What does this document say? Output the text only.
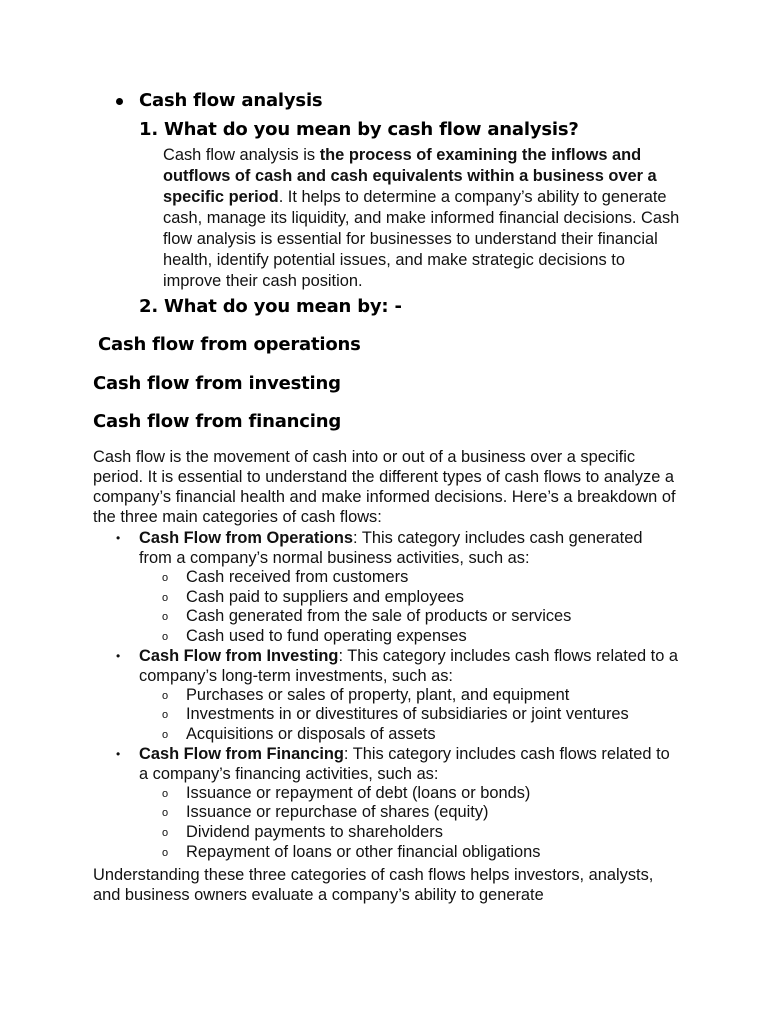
Cash flow analysis
1. What do you mean by cash flow analysis?
Cash flow analysis is the process of examining the inflows and outflows of cash and cash equivalents within a business over a specific period. It helps to determine a company’s ability to generate cash, manage its liquidity, and make informed financial decisions. Cash flow analysis is essential for businesses to understand their financial health, identify potential issues, and make strategic decisions to improve their cash position.
2. What do you mean by: -
Cash flow from operations
Cash flow from investing
Cash flow from financing
Cash flow is the movement of cash into or out of a business over a specific period. It is essential to understand the different types of cash flows to analyze a company’s financial health and make informed decisions. Here’s a breakdown of the three main categories of cash flows:
• Cash Flow from Operations: This category includes cash generated from a company’s normal business activities, such as:
o Cash received from customers
o Cash paid to suppliers and employees
o Cash generated from the sale of products or services
o Cash used to fund operating expenses
• Cash Flow from Investing: This category includes cash flows related to a company’s long-term investments, such as:
o Purchases or sales of property, plant, and equipment
o Investments in or divestitures of subsidiaries or joint ventures
o Acquisitions or disposals of assets
• Cash Flow from Financing: This category includes cash flows related to a company’s financing activities, such as:
o Issuance or repayment of debt (loans or bonds)
o Issuance or repurchase of shares (equity)
o Dividend payments to shareholders
o Repayment of loans or other financial obligations
Understanding these three categories of cash flows helps investors, analysts, and business owners evaluate a company’s ability to generate
